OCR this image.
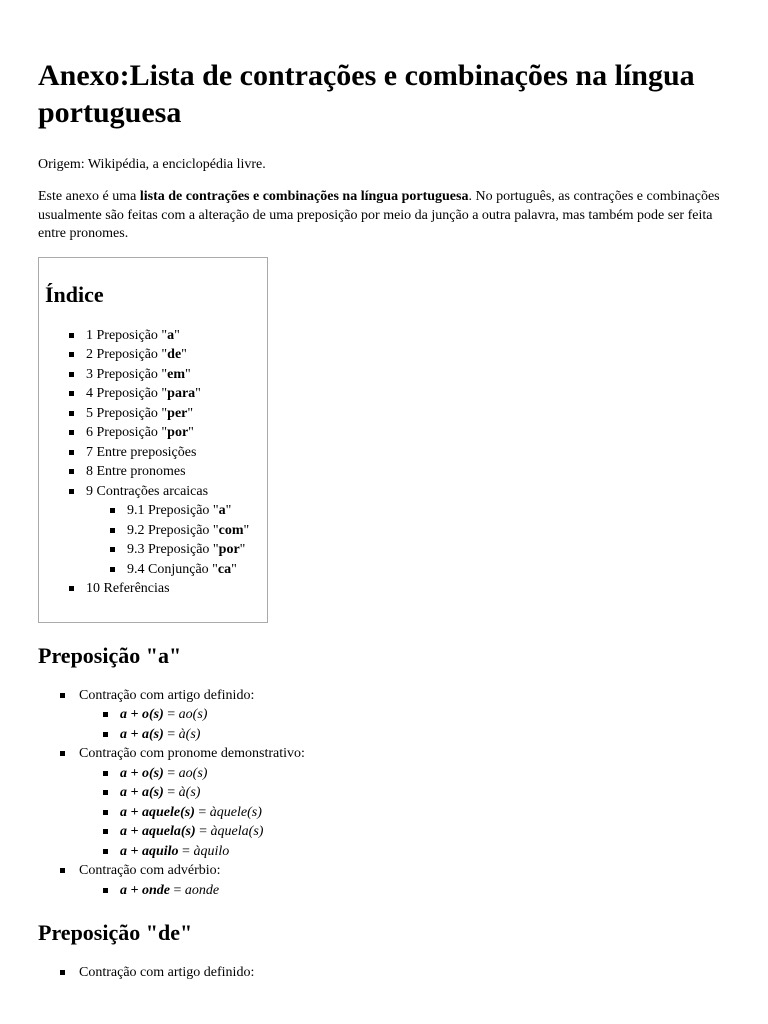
Anexo:Lista de contrações e combinações na língua portuguesa

Origem: Wikipédia, a enciclopédia livre.

Este anexo é uma lista de contrações e combinações na língua portuguesa. No português, as contrações e combinações usualmente são feitas com a alteração de uma preposição por meio da junção a outra palavra, mas também pode ser feita entre pronomes.

Índice
1 Preposição "a"
2 Preposição "de"
3 Preposição "em"
4 Preposição "para"
5 Preposição "per"
6 Preposição "por"
7 Entre preposições
8 Entre pronomes
9 Contrações arcaicas
9.1 Preposição "a"
9.2 Preposição "com"
9.3 Preposição "por"
9.4 Conjunção "ca"
10 Referências
Preposição "a"
Contração com artigo definido:
a + o(s) = ao(s)
a + a(s) = à(s)
Contração com pronome demonstrativo:
a + o(s) = ao(s)
a + a(s) = à(s)
a + aquele(s) = àquele(s)
a + aquela(s) = àquela(s)
a + aquilo = àquilo
Contração com advérbio:
a + onde = aonde
Preposição "de"
Contração com artigo definido:
